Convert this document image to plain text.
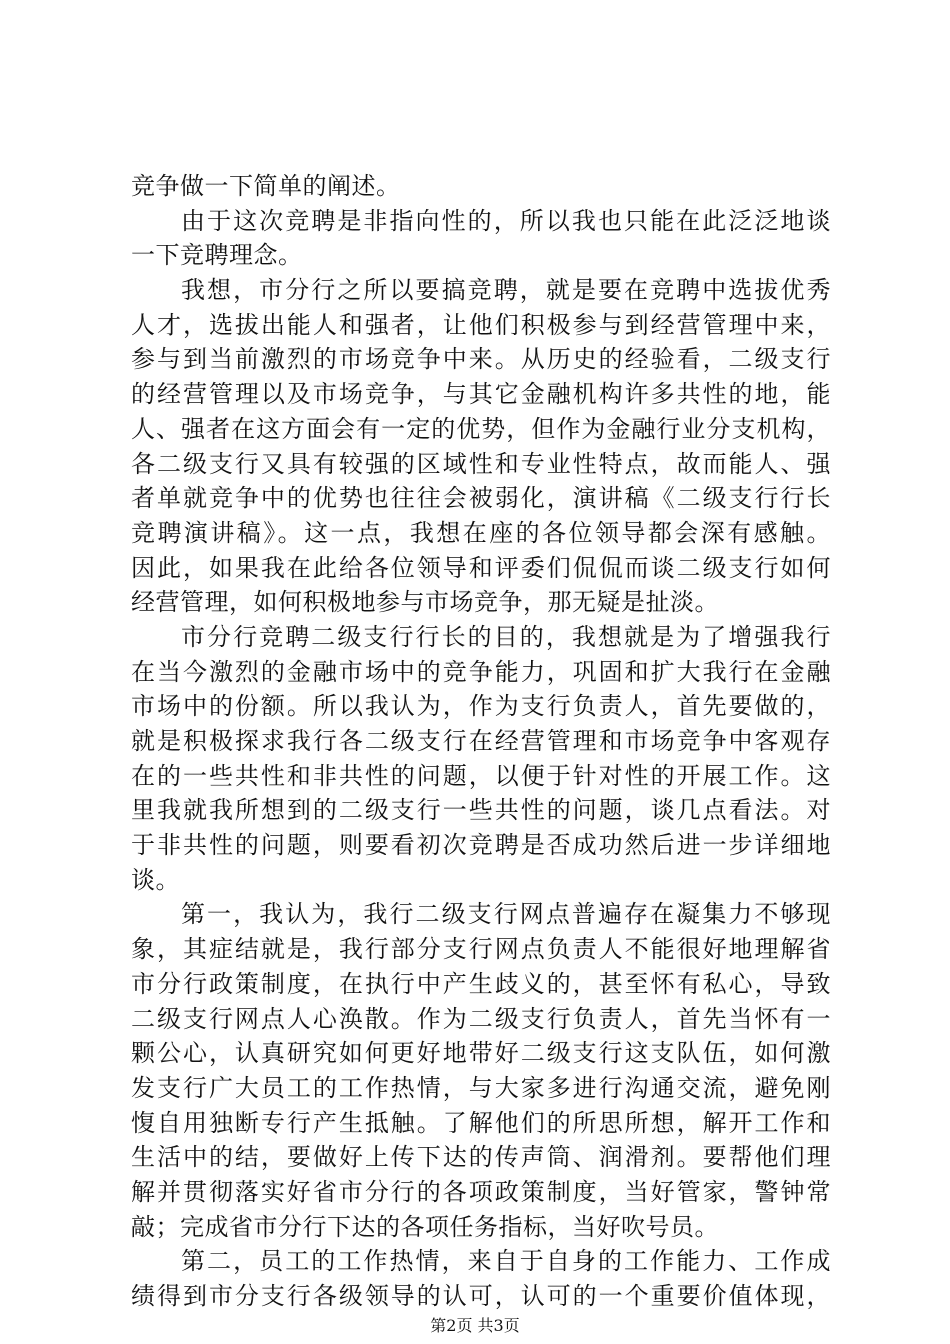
竞争做一下简单的阐述。
由于这次竞聘是非指向性的，所以我也只能在此泛泛地谈
一下竞聘理念。
我想，市分行之所以要搞竞聘，就是要在竞聘中选拔优秀
人才，选拔出能人和强者，让他们积极参与到经营管理中来，
参与到当前激烈的市场竞争中来。从历史的经验看，二级支行
的经营管理以及市场竞争，与其它金融机构许多共性的地，能
人、强者在这方面会有一定的优势，但作为金融行业分支机构，
各二级支行又具有较强的区域性和专业性特点，故而能人、强
者单就竞争中的优势也往往会被弱化，演讲稿《二级支行行长
竞聘演讲稿》。这一点，我想在座的各位领导都会深有感触。
因此，如果我在此给各位领导和评委们侃侃而谈二级支行如何
经营管理，如何积极地参与市场竞争，那无疑是扯淡。
市分行竞聘二级支行行长的目的，我想就是为了增强我行
在当今激烈的金融市场中的竞争能力，巩固和扩大我行在金融
市场中的份额。所以我认为，作为支行负责人，首先要做的，
就是积极探求我行各二级支行在经营管理和市场竞争中客观存
在的一些共性和非共性的问题，以便于针对性的开展工作。这
里我就我所想到的二级支行一些共性的问题，谈几点看法。对
于非共性的问题，则要看初次竞聘是否成功然后进一步详细地
谈。
第一，我认为，我行二级支行网点普遍存在凝集力不够现
象，其症结就是，我行部分支行网点负责人不能很好地理解省
市分行政策制度，在执行中产生歧义的，甚至怀有私心，导致
二级支行网点人心涣散。作为二级支行负责人，首先当怀有一
颗公心，认真研究如何更好地带好二级支行这支队伍，如何激
发支行广大员工的工作热情，与大家多进行沟通交流，避免刚
愎自用独断专行产生抵触。了解他们的所思所想，解开工作和
生活中的结，要做好上传下达的传声筒、润滑剂。要帮他们理
解并贯彻落实好省市分行的各项政策制度，当好管家，警钟常
敲；完成省市分行下达的各项任务指标，当好吹号员。
第二，员工的工作热情，来自于自身的工作能力、工作成
绩得到市分支行各级领导的认可，认可的一个重要价值体现，
第2页 共3页
